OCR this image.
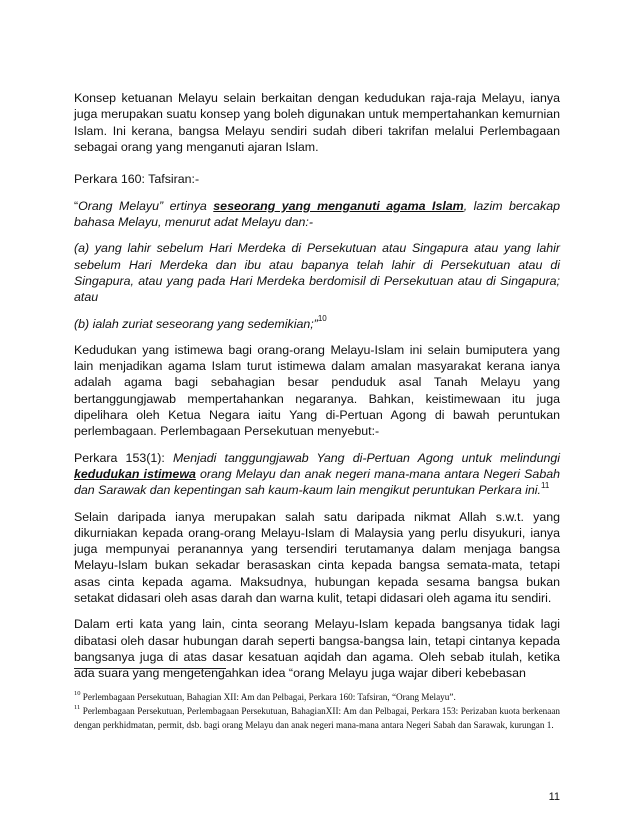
Konsep ketuanan Melayu selain berkaitan dengan kedudukan raja-raja Melayu, ianya juga merupakan suatu konsep yang boleh digunakan untuk mempertahankan kemurnian Islam. Ini kerana, bangsa Melayu sendiri sudah diberi takrifan melalui Perlembagaan sebagai orang yang menganuti ajaran Islam.

Perkara 160: Tafsiran:-

“Orang Melayu” ertinya seseorang yang menganuti agama Islam, lazim bercakap bahasa Melayu, menurut adat Melayu dan:-

(a) yang lahir sebelum Hari Merdeka di Persekutuan atau Singapura atau yang lahir sebelum Hari Merdeka dan ibu atau bapanya telah lahir di Persekutuan atau di Singapura, atau yang pada Hari Merdeka berdomisil di Persekutuan atau di Singapura; atau

(b) ialah zuriat seseorang yang sedemikian;”$^{10}$

Kedudukan yang istimewa bagi orang-orang Melayu-Islam ini selain bumiputera yang lain menjadikan agama Islam turut istimewa dalam amalan masyarakat kerana ianya adalah agama bagi sebahagian besar penduduk asal Tanah Melayu yang bertanggungjawab mempertahankan negaranya. Bahkan, keistimewaan itu juga dipelihara oleh Ketua Negara iaitu Yang di-Pertuan Agong di bawah peruntukan perlembagaan. Perlembagaan Persekutuan menyebut:-

Perkara 153(1): Menjadi tanggungjawab Yang di-Pertuan Agong untuk melindungi kedudukan istimewa orang Melayu dan anak negeri mana-mana antara Negeri Sabah dan Sarawak dan kepentingan sah kaum-kaum lain mengikut peruntukan Perkara ini.$^{11}$

Selain daripada ianya merupakan salah satu daripada nikmat Allah s.w.t. yang dikurniakan kepada orang-orang Melayu-Islam di Malaysia yang perlu disyukuri, ianya juga mempunyai peranannya yang tersendiri terutamanya dalam menjaga bangsa Melayu-Islam bukan sekadar berasaskan cinta kepada bangsa semata-mata, tetapi asas cinta kepada agama. Maksudnya, hubungan kepada sesama bangsa bukan setakat didasari oleh asas darah dan warna kulit, tetapi didasari oleh agama itu sendiri.

Dalam erti kata yang lain, cinta seorang Melayu-Islam kepada bangsanya tidak lagi dibatasi oleh dasar hubungan darah seperti bangsa-bangsa lain, tetapi cintanya kepada bangsanya juga di atas dasar kesatuan aqidah dan agama. Oleh sebab itulah, ketika ada suara yang mengetengahkan idea “orang Melayu juga wajar diberi kebebasan

$^{10}$ Perlembagaan Persekutuan, Bahagian XII: Am dan Pelbagai, Perkara 160: Tafsiran, “Orang Melayu”.
$^{11}$ Perlembagaan Persekutuan, Perlembagaan Persekutuan, BahagianXII: Am dan Pelbagai, Perkara 153: Perizaban kuota berkenaan dengan perkhidmatan, permit, dsb. bagi orang Melayu dan anak negeri mana-mana antara Negeri Sabah dan Sarawak, kurungan 1.
11
